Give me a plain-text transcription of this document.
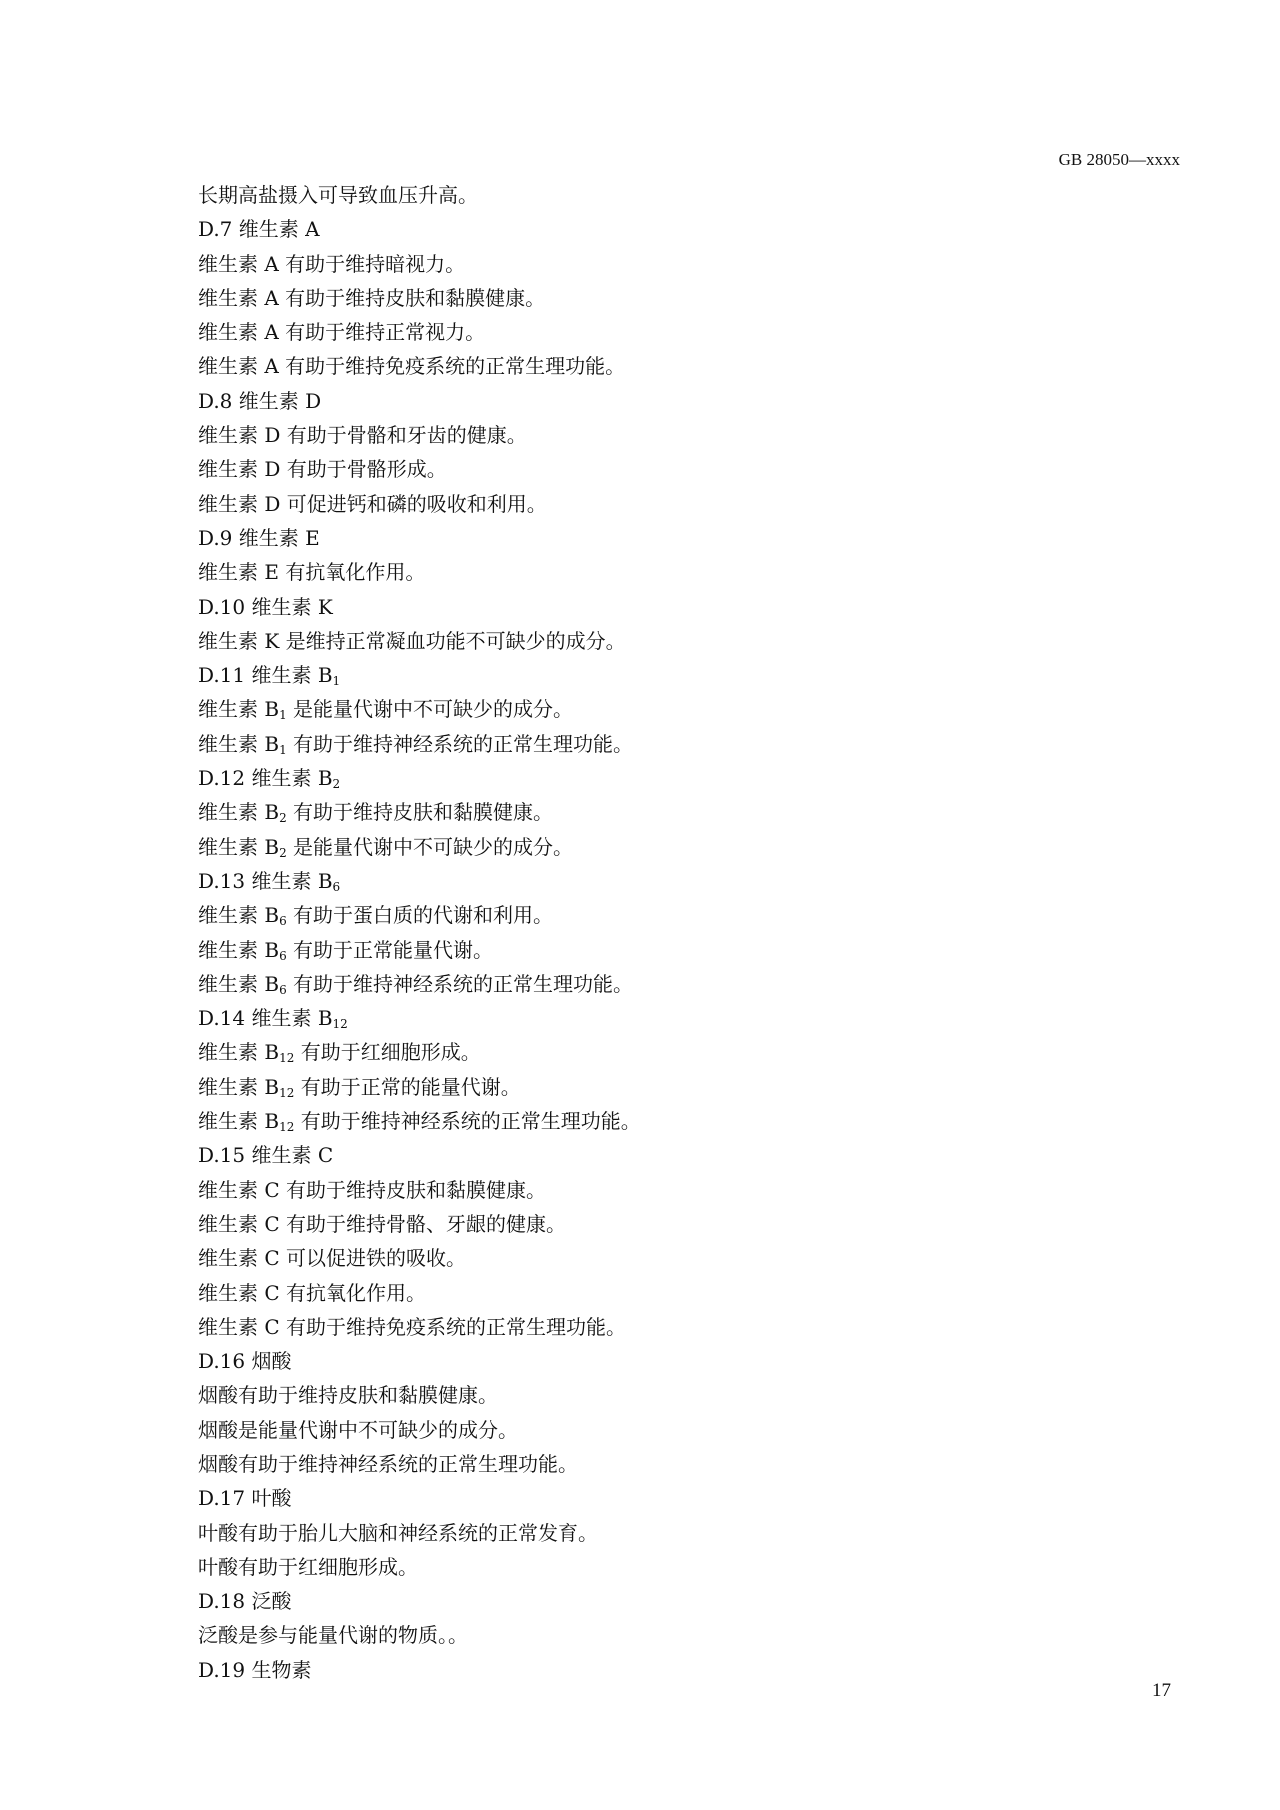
GB 28050—xxxx
长期高盐摄入可导致血压升高。
D.7 维生素 A
维生素 A 有助于维持暗视力。
维生素 A 有助于维持皮肤和黏膜健康。
维生素 A 有助于维持正常视力。
维生素 A 有助于维持免疫系统的正常生理功能。
D.8 维生素 D
维生素 D 有助于骨骼和牙齿的健康。
维生素 D 有助于骨骼形成。
维生素 D 可促进钙和磷的吸收和利用。
D.9 维生素 E
维生素 E 有抗氧化作用。
D.10 维生素 K
维生素 K 是维持正常凝血功能不可缺少的成分。
D.11 维生素 $B_1$
维生素 $B_1$ 是能量代谢中不可缺少的成分。
维生素 $B_1$ 有助于维持神经系统的正常生理功能。
D.12 维生素 $B_2$
维生素 $B_2$ 有助于维持皮肤和黏膜健康。
维生素 $B_2$ 是能量代谢中不可缺少的成分。
D.13 维生素 $B_6$
维生素 $B_6$ 有助于蛋白质的代谢和利用。
维生素 $B_6$ 有助于正常能量代谢。
维生素 $B_6$ 有助于维持神经系统的正常生理功能。
D.14 维生素 $B_{12}$
维生素 $B_{12}$ 有助于红细胞形成。
维生素 $B_{12}$ 有助于正常的能量代谢。
维生素 $B_{12}$ 有助于维持神经系统的正常生理功能。
D.15 维生素 C
维生素 C 有助于维持皮肤和黏膜健康。
维生素 C 有助于维持骨骼、牙龈的健康。
维生素 C 可以促进铁的吸收。
维生素 C 有抗氧化作用。
维生素 C 有助于维持免疫系统的正常生理功能。
D.16 烟酸
烟酸有助于维持皮肤和黏膜健康。
烟酸是能量代谢中不可缺少的成分。
烟酸有助于维持神经系统的正常生理功能。
D.17 叶酸
叶酸有助于胎儿大脑和神经系统的正常发育。
叶酸有助于红细胞形成。
D.18 泛酸
泛酸是参与能量代谢的物质。。
D.19 生物素
17
